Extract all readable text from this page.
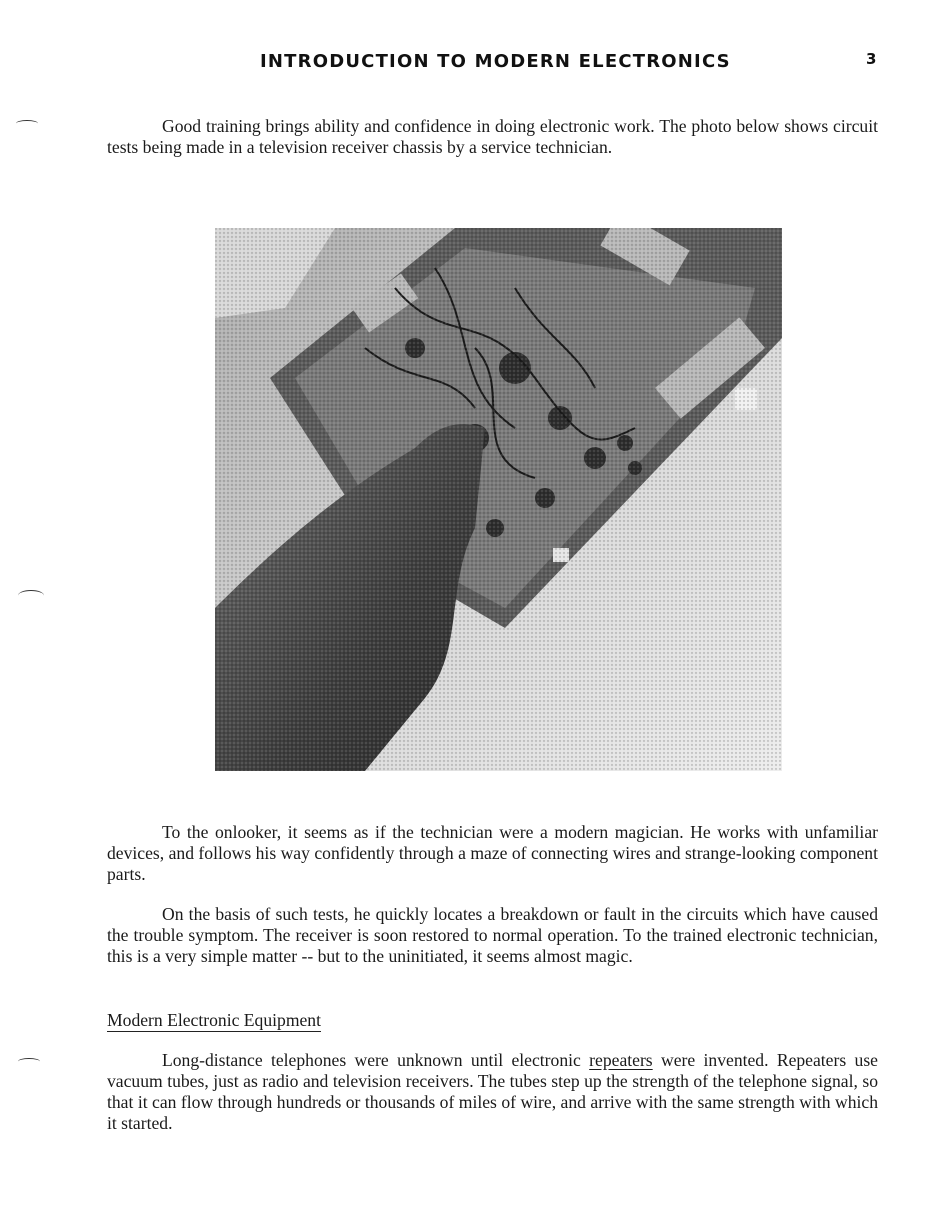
INTRODUCTION TO MODERN ELECTRONICS	3

Good training brings ability and confidence in doing electronic work. The photo below shows circuit tests being made in a television receiver chassis by a service technician.

To the onlooker, it seems as if the technician were a modern magician. He works with unfamiliar devices, and follows his way confidently through a maze of connecting wires and strange-looking component parts.

On the basis of such tests, he quickly locates a breakdown or fault in the circuits which have caused the trouble symptom. The receiver is soon restored to normal operation. To the trained electronic technician, this is a very simple matter -- but to the uninitiated, it seems almost magic.

Modern Electronic Equipment

Long-distance telephones were unknown until electronic repeaters were invented. Repeaters use vacuum tubes, just as radio and television receivers. The tubes step up the strength of the telephone signal, so that it can flow through hundreds or thousands of miles of wire, and arrive with the same strength with which it started.
